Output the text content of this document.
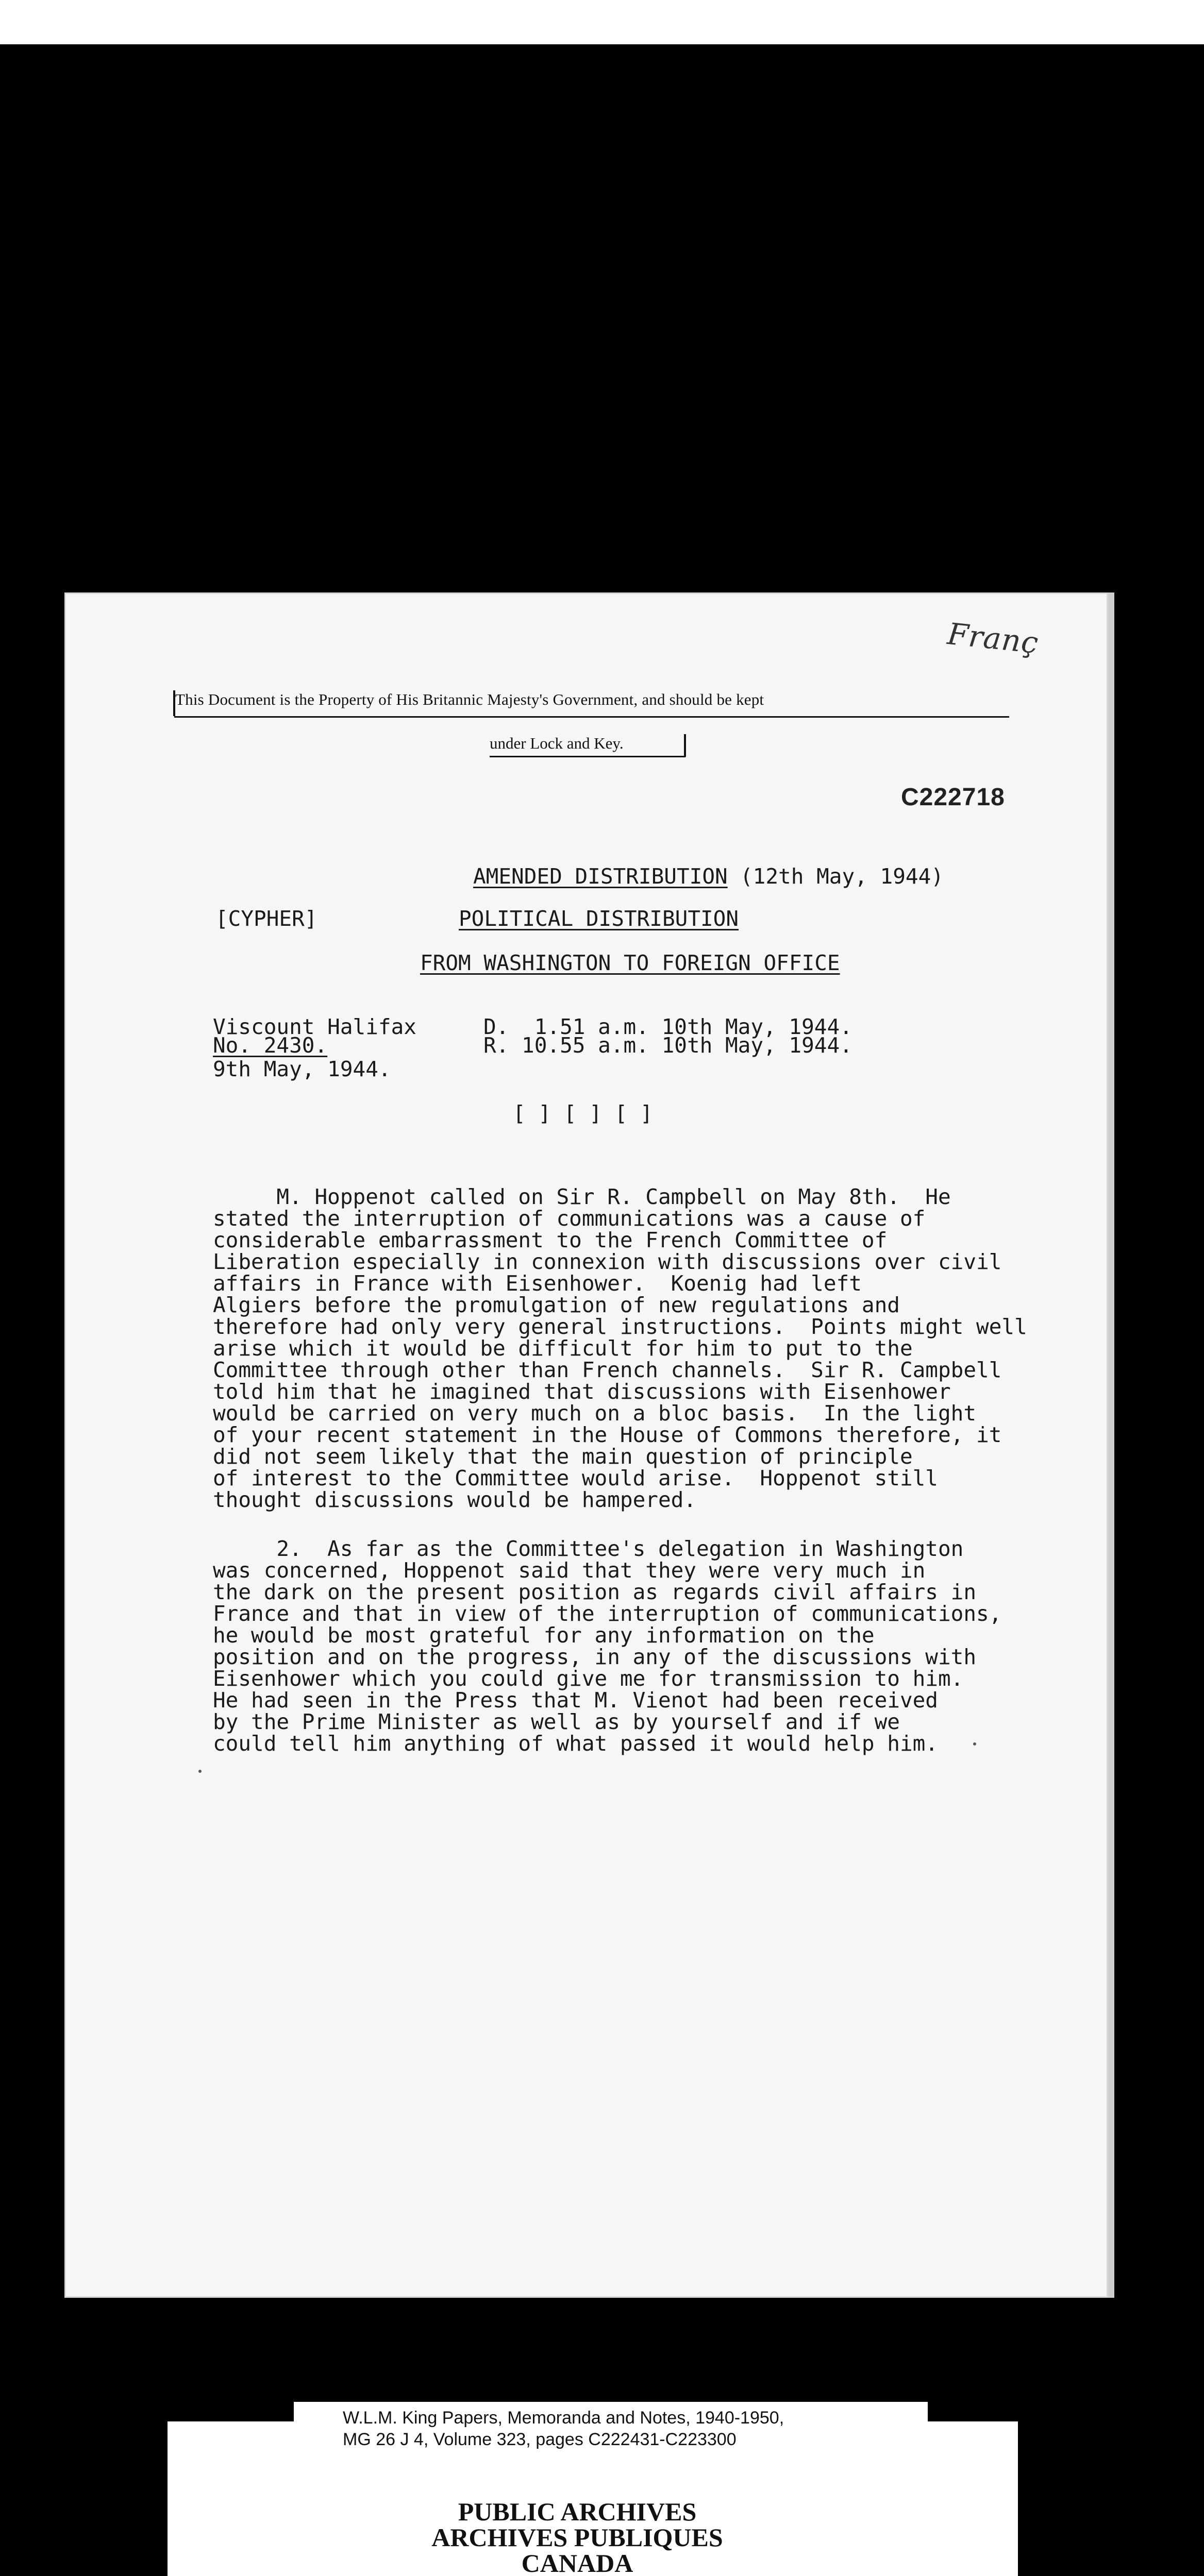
Franç
This Document is the Property of His Britannic Majesty's Government, and should be kept
under Lock and Key.
C222718
AMENDED DISTRIBUTION (12th May, 1944)
[CYPHER]	POLITICAL DISTRIBUTION
FROM WASHINGTON TO FOREIGN OFFICE
Viscount Halifax
No. 2430.
9th May, 1944.
D.  1.51 a.m. 10th May, 1944.
R. 10.55 a.m. 10th May, 1944.
[ ] [ ] [ ]
M. Hoppenot called on Sir R. Campbell on May 8th.  He
stated the interruption of communications was a cause of
considerable embarrassment to the French Committee of
Liberation especially in connexion with discussions over civil
affairs in France with Eisenhower.  Koenig had left
Algiers before the promulgation of new regulations and
therefore had only very general instructions.  Points might well
arise which it would be difficult for him to put to the
Committee through other than French channels.  Sir R. Campbell
told him that he imagined that discussions with Eisenhower
would be carried on very much on a bloc basis.  In the light
of your recent statement in the House of Commons therefore, it
did not seem likely that the main question of principle
of interest to the Committee would arise.  Hoppenot still
thought discussions would be hampered.
2.  As far as the Committee's delegation in Washington
was concerned, Hoppenot said that they were very much in
the dark on the present position as regards civil affairs in
France and that in view of the interruption of communications,
he would be most grateful for any information on the
position and on the progress, in any of the discussions with
Eisenhower which you could give me for transmission to him.
He had seen in the Press that M. Vienot had been received
by the Prime Minister as well as by yourself and if we
could tell him anything of what passed it would help him.
W.L.M. King Papers, Memoranda and Notes, 1940-1950,
MG 26 J 4, Volume 323, pages C222431-C223300
PUBLIC ARCHIVES
ARCHIVES PUBLIQUES
CANADA
